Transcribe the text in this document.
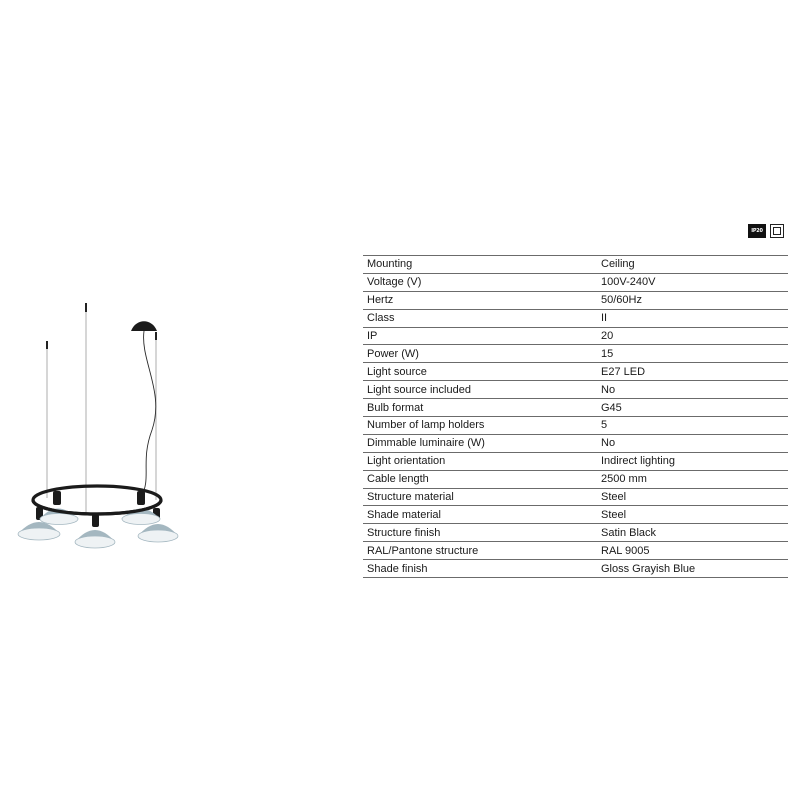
IP20
Mounting	Ceiling
Voltage (V)	100V-240V
Hertz	50/60Hz
Class	II
IP	20
Power (W)	15
Light source	E27 LED
Light source included	No
Bulb format	G45
Number of lamp holders	5
Dimmable luminaire (W)	No
Light orientation	Indirect lighting
Cable length	2500 mm
Structure material	Steel
Shade material	Steel
Structure finish	Satin Black
RAL/Pantone structure	RAL 9005
Shade finish	Gloss Grayish Blue
